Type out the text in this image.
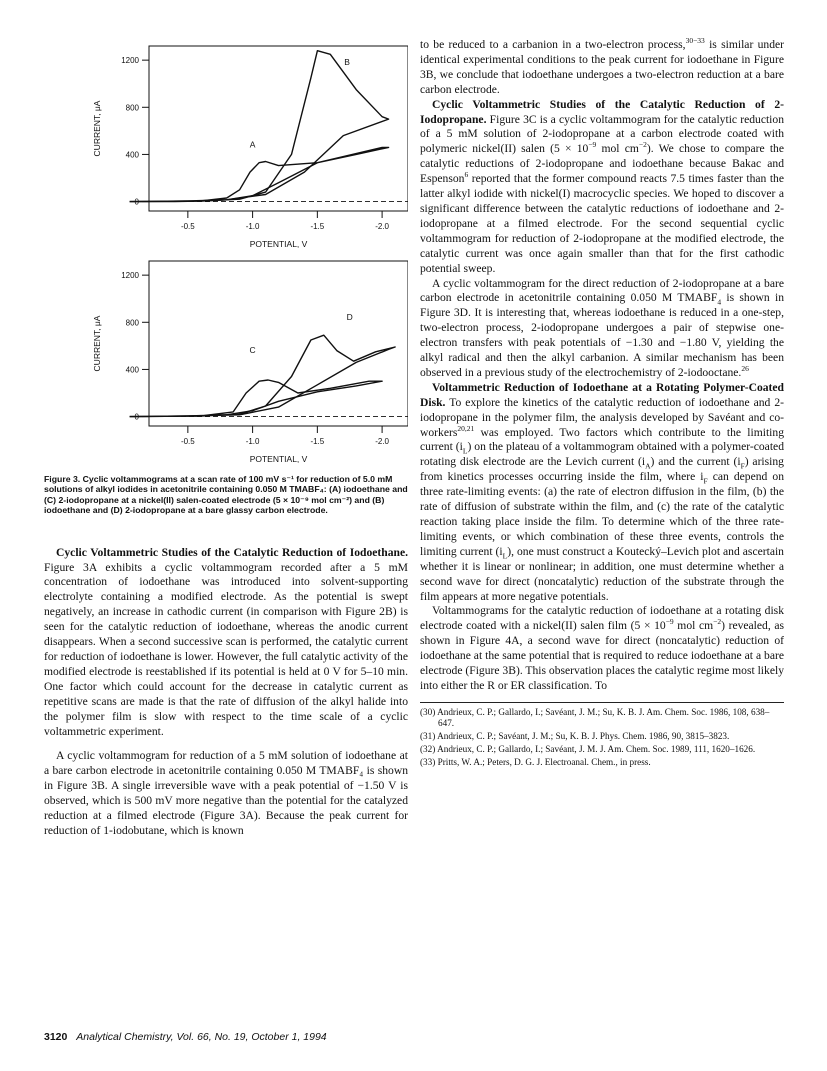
0
400
800
1200
-0.5	-1.0	-1.5	-2.0
POTENTIAL, V
CURRENT, μA	A
B
0
400
800
1200
-0.5	-1.0	-1.5	-2.0
POTENTIAL, V
CURRENT, μA	C
D

Figure 3. Cyclic voltammograms at a scan rate of 100 mV s⁻¹ for reduction of 5.0 mM solutions of alkyl iodides in acetonitrile containing 0.050 M TMABF₄: (A) iodoethane and (C) 2-iodopropane at a nickel(II) salen-coated electrode (5 × 10⁻⁹ mol cm⁻²) and (B) iodoethane and (D) 2-iodopropane at a bare glassy carbon electrode.

Cyclic Voltammetric Studies of the Catalytic Reduction of Iodoethane. Figure 3A exhibits a cyclic voltammogram recorded after a 5 mM concentration of iodoethane was introduced into solvent-supporting electrolyte containing a modified electrode. As the potential is swept negatively, an increase in cathodic current (in comparison with Figure 2B) is seen for the catalytic reduction of iodoethane, whereas the anodic current disappears. When a second successive scan is performed, the catalytic current for reduction of iodoethane is lower. However, the full catalytic activity of the modified electrode is reestablished if its potential is held at 0 V for 5–10 min. One factor which could account for the decrease in catalytic current as repetitive scans are made is that the rate of diffusion of the alkyl halide into the polymer film is slow with respect to the time scale of a cyclic voltammetric experiment.

A cyclic voltammogram for reduction of a 5 mM solution of iodoethane at a bare carbon electrode in acetonitrile containing 0.050 M TMABF₄ is shown in Figure 3B. A single irreversible wave with a peak potential of −1.50 V is observed, which is 500 mV more negative than the potential for the catalyzed reduction at a filmed electrode (Figure 3A). Because the peak current for reduction of 1-iodobutane, which is known

to be reduced to a carbanion in a two-electron process,$^{30-33}$ is similar under identical experimental conditions to the peak current for iodoethane in Figure 3B, we conclude that iodoethane undergoes a two-electron reduction at a bare carbon electrode.

Cyclic Voltammetric Studies of the Catalytic Reduction of 2-Iodopropane. Figure 3C is a cyclic voltammogram for the catalytic reduction of a 5 mM solution of 2-iodopropane at a carbon electrode coated with polymeric nickel(II) salen ($5 \times 10^{-9}$ mol $cm^{-2}$). We chose to compare the catalytic reductions of 2-iodopropane and iodoethane because Bakac and Espenson$^6$ reported that the former compound reacts 7.5 times faster than the latter alkyl iodide with nickel(I) macrocyclic species. We hoped to discover a significant difference between the catalytic reductions of iodoethane and 2-iodopropane at a filmed electrode. For the second sequential cyclic voltammogram for reduction of 2-iodopropane at the modified electrode, the catalytic current was once again smaller than that for the first cathodic potential sweep.

A cyclic voltammogram for the direct reduction of 2-iodopropane at a bare carbon electrode in acetonitrile containing 0.050 M $TMABF_4$ is shown in Figure 3D. It is interesting that, whereas iodoethane is reduced in a one-step, two-electron process, 2-iodopropane undergoes a pair of stepwise one-electron transfers with peak potentials of −1.30 and −1.80 V, yielding the alkyl radical and then the alkyl carbanion. A similar mechanism has been observed in a previous study of the electrochemistry of 2-iodooctane.$^{26}$

Voltammetric Reduction of Iodoethane at a Rotating Polymer-Coated Disk. To explore the kinetics of the catalytic reduction of iodoethane and 2-iodopropane in the polymer film, the analysis developed by Savéant and co-workers$^{20,21}$ was employed. Two factors which contribute to the limiting current $(i_L)$ on the plateau of a voltammogram obtained with a polymer-coated rotating disk electrode are the Levich current $(i_A)$ and the current $(i_F)$ arising from kinetics processes occurring inside the film, where $i_F$ can depend on three rate-limiting events: (a) the rate of electron diffusion in the film, (b) the rate of diffusion of substrate within the film, and (c) the rate of the catalytic reaction taking place inside the film. To determine which of the three rate-limiting events, or which combination of these three events, controls the limiting current $(i_L)$, one must construct a Koutecký–Levich plot and ascertain whether it is linear or nonlinear; in addition, one must determine whether a second wave for direct (noncatalytic) reduction of the substrate through the film appears at more negative potentials.

Voltammograms for the catalytic reduction of iodoethane at a rotating disk electrode coated with a nickel(II) salen film ($5 \times 10^{-9}$ mol $cm^{-2}$) revealed, as shown in Figure 4A, a second wave for direct (noncatalytic) reduction of iodoethane at the same potential that is required to reduce iodoethane at a bare electrode (Figure 3B). This observation places the catalytic regime most likely into either the R or ER classification. To

(30) Andrieux, C. P.; Gallardo, I.; Savéant, J. M.; Su, K. B. J. Am. Chem. Soc. 1986, 108, 638–647.
(31) Andrieux, C. P.; Savéant, J. M.; Su, K. B. J. Phys. Chem. 1986, 90, 3815–3823.
(32) Andrieux, C. P.; Gallardo, I.; Savéant, J. M. J. Am. Chem. Soc. 1989, 111, 1620–1626.
(33) Pritts, W. A.; Peters, D. G. J. Electroanal. Chem., in press.
3120 Analytical Chemistry, Vol. 66, No. 19, October 1, 1994
